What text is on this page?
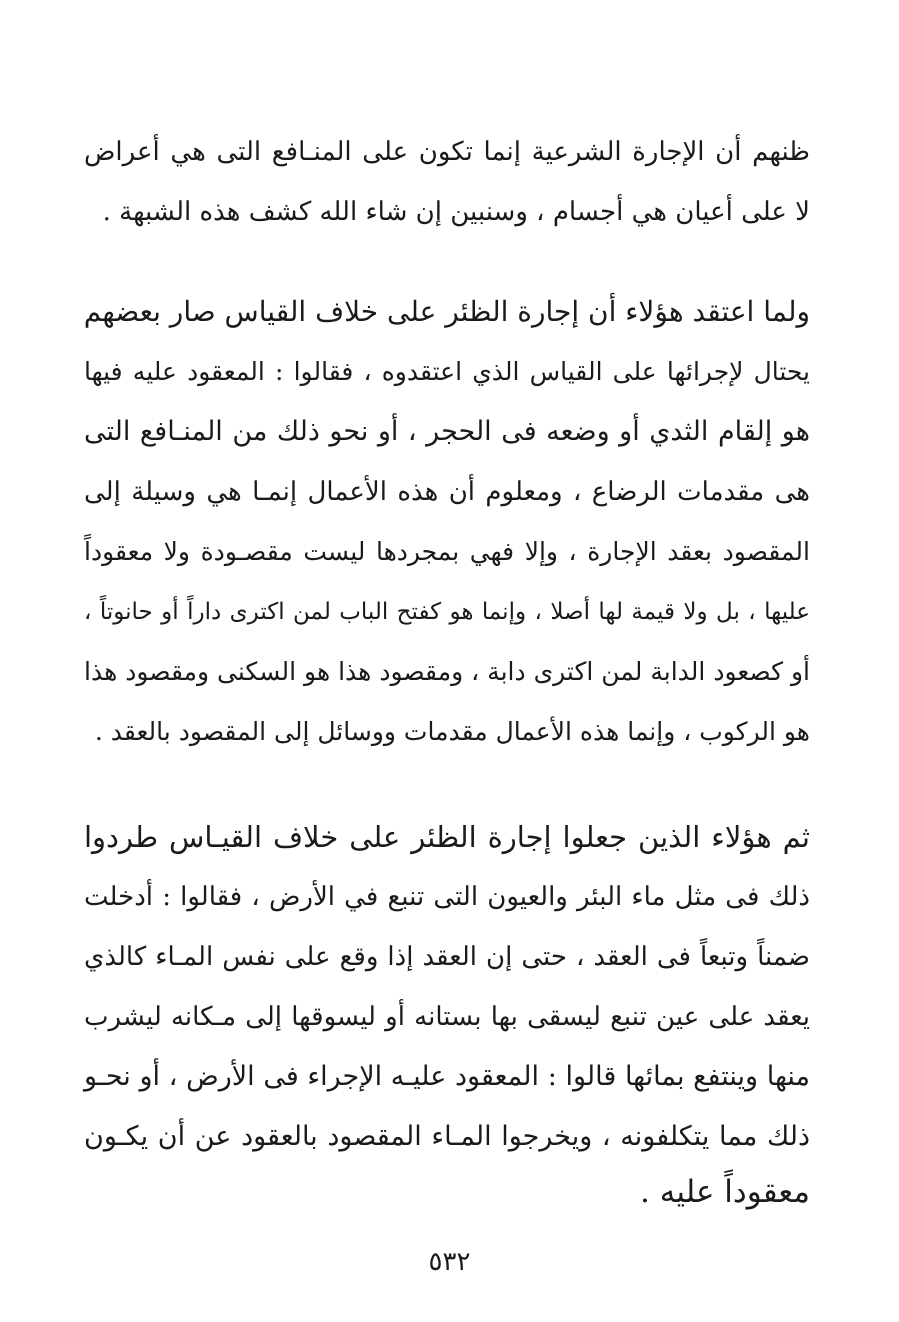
ظنهم أن الإجارة الشرعية إنما تكون على المنـافع التى هي أعراض
لا على أعيان هي أجسام ، وسنبين إن شاء الله كشف هذه الشبهة .
ولما اعتقد هؤلاء أن إجارة الظئر على خلاف القياس صار بعضهم
يحتال لإجرائها على القياس الذي اعتقدوه ، فقالوا : المعقود عليه فيها
هو إلقام الثدي أو وضعه فى الحجر ، أو نحو ذلك من المنـافع التى
هى مقدمات الرضاع ، ومعلوم أن هذه الأعمال إنمـا هي وسيلة إلى
المقصود بعقد الإجارة ، وإلا فهي بمجردها ليست مقصـودة ولا معقوداً
عليها ، بل ولا قيمة لها أصلا ، وإنما هو كفتح الباب لمن اكترى داراً أو حانوتاً ،
أو كصعود الدابة لمن اكترى دابة ، ومقصود هذا هو السكنى ومقصود هذا
هو الركوب ، وإنما هذه الأعمال مقدمات ووسائل إلى المقصود بالعقد .
ثم هؤلاء الذين جعلوا إجارة الظئر على خلاف القيـاس طردوا
ذلك فى مثل ماء البئر والعيون التى تنبع في الأرض ، فقالوا : أدخلت
ضمناً وتبعاً فى العقد ، حتى إن العقد إذا وقع على نفس المـاء كالذي
يعقد على عين تنبع ليسقى بها بستانه أو ليسوقها إلى مـكانه ليشرب
منها وينتفع بمائها قالوا : المعقود عليـه الإجراء فى الأرض ، أو نحـو
ذلك مما يتكلفونه ، ويخرجوا المـاء المقصود بالعقود عن أن يكـون
معقوداً عليه .
٥٣٢
